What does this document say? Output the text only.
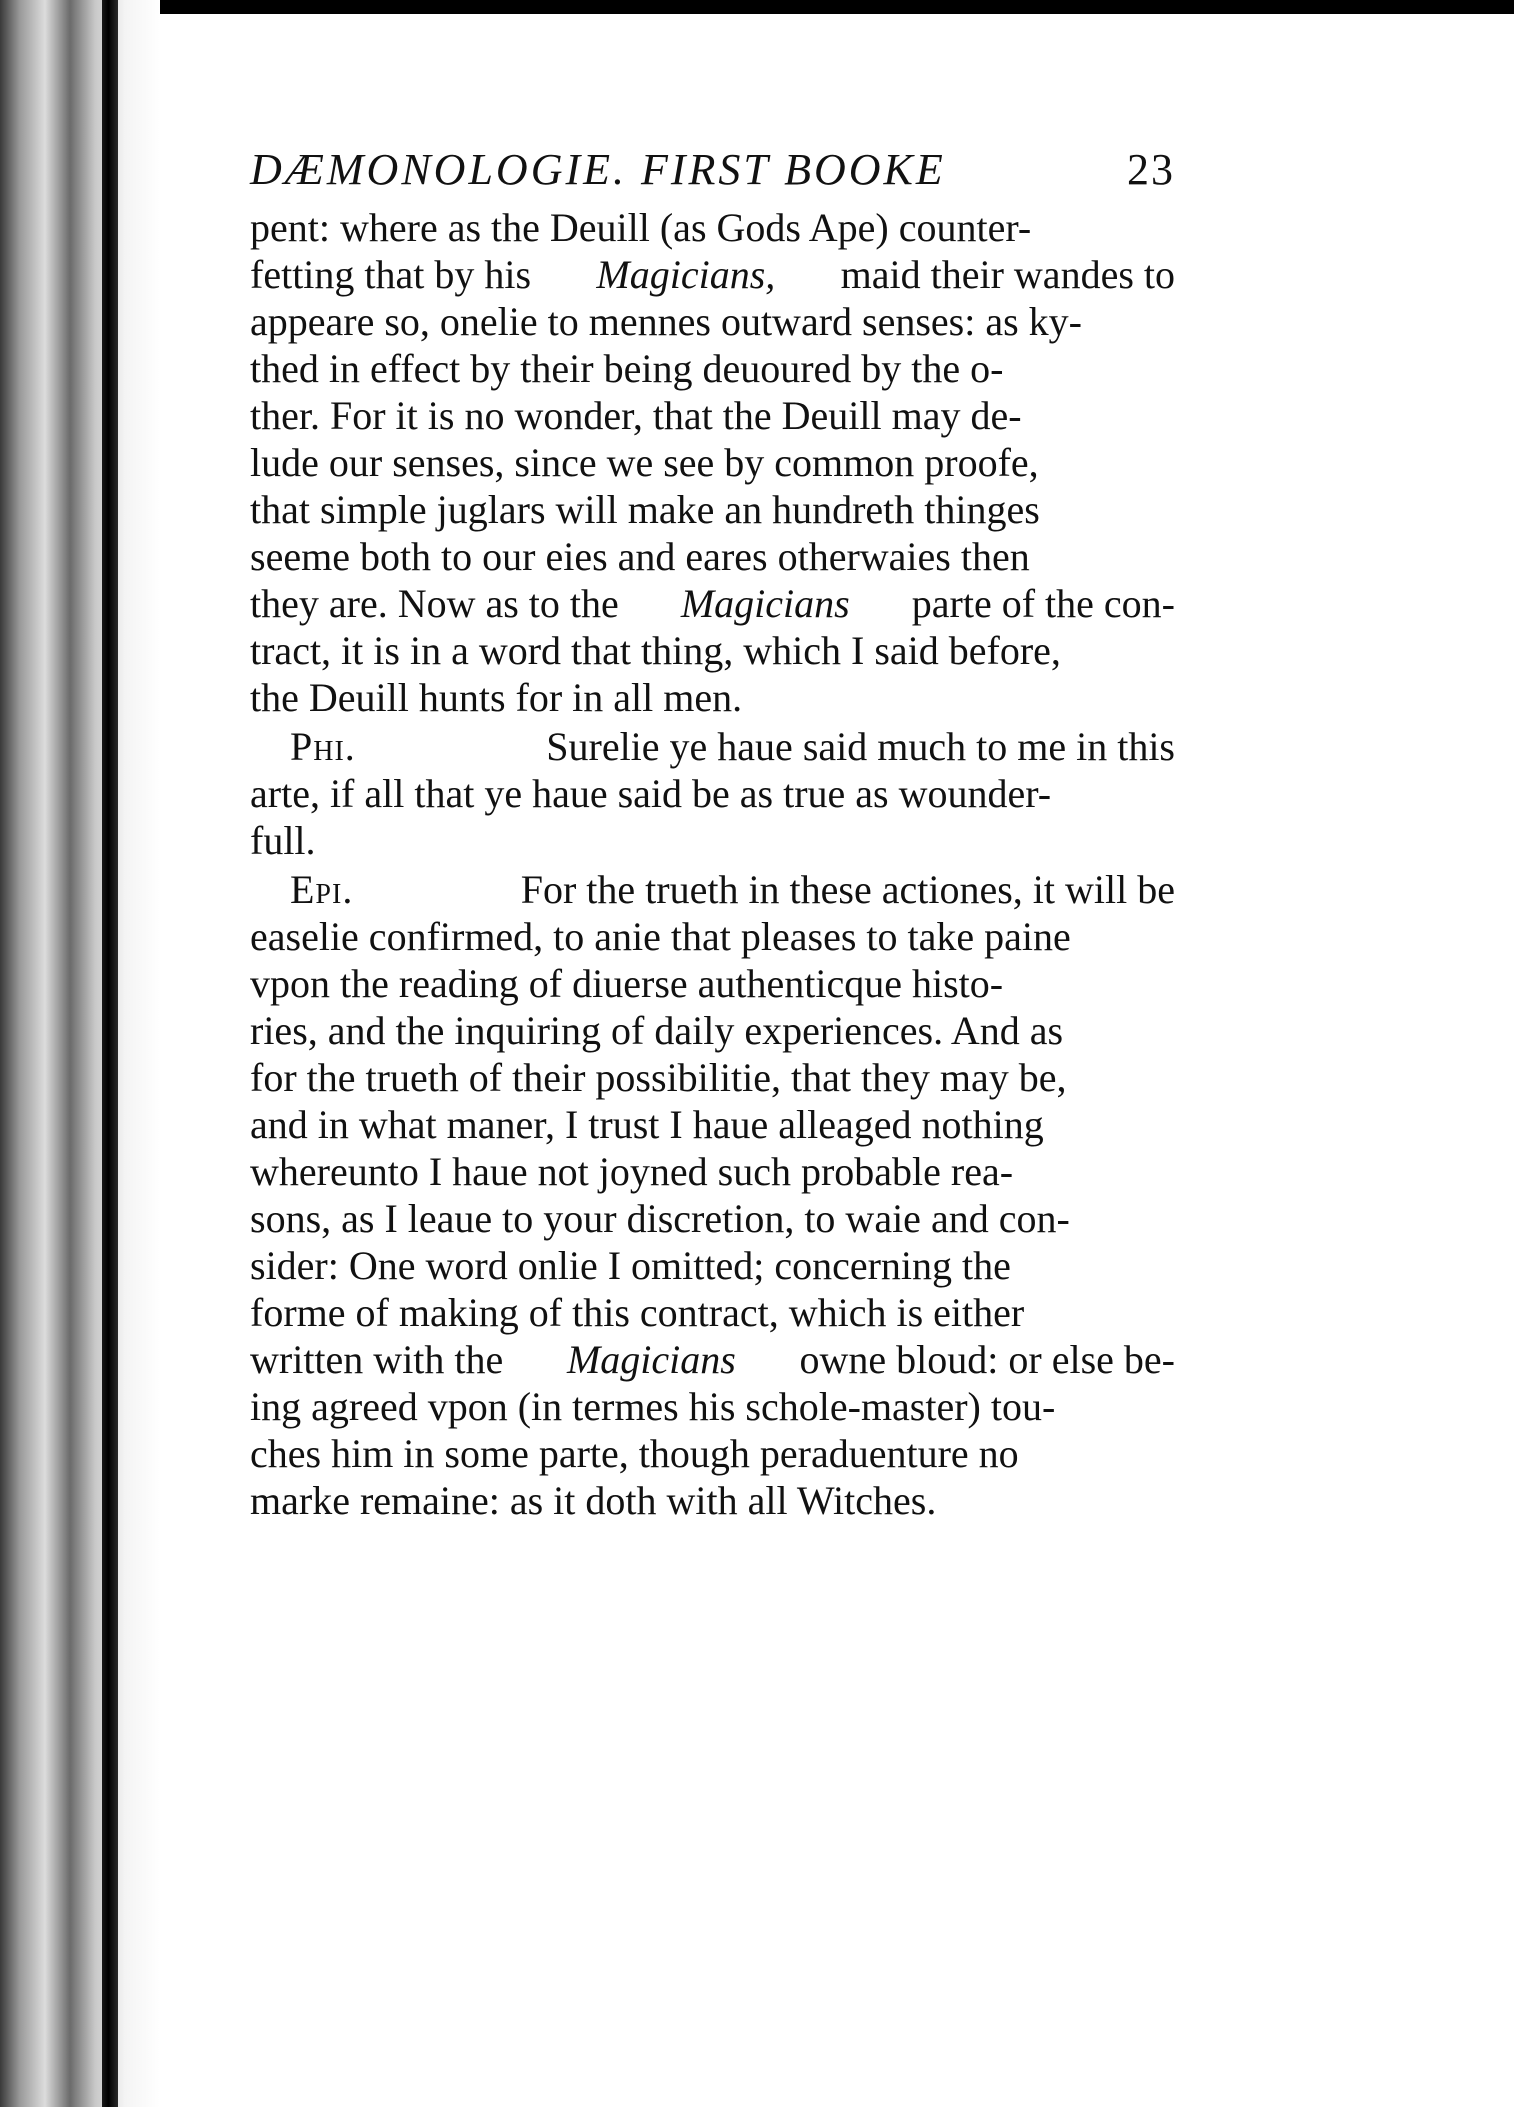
DÆMONOLOGIE. FIRST BOOKE	23
pent: where as the Deuill (as Gods Ape) counter-
fetting that by his Magicians, maid their wandes to
appeare so, onelie to mennes outward senses: as ky-
thed in effect by their being deuoured by the o-
ther. For it is no wonder, that the Deuill may de-
lude our senses, since we see by common proofe,
that simple juglars will make an hundreth thinges
seeme both to our eies and eares otherwaies then
they are. Now as to the Magicians parte of the con-
tract, it is in a word that thing, which I said before,
the Deuill hunts for in all men.
Phi.	Surelie ye haue said much to me in this
arte, if all that ye haue said be as true as wounder-
full.
Epi.	For the trueth in these actiones, it will be
easelie confirmed, to anie that pleases to take paine
vpon the reading of diuerse authenticque histo-
ries, and the inquiring of daily experiences. And as
for the trueth of their possibilitie, that they may be,
and in what maner, I trust I haue alleaged nothing
whereunto I haue not joyned such probable rea-
sons, as I leaue to your discretion, to waie and con-
sider: One word onlie I omitted; concerning the
forme of making of this contract, which is either
written with the Magicians owne bloud: or else be-
ing agreed vpon (in termes his schole-master) tou-
ches him in some parte, though peraduenture no
marke remaine: as it doth with all Witches.
